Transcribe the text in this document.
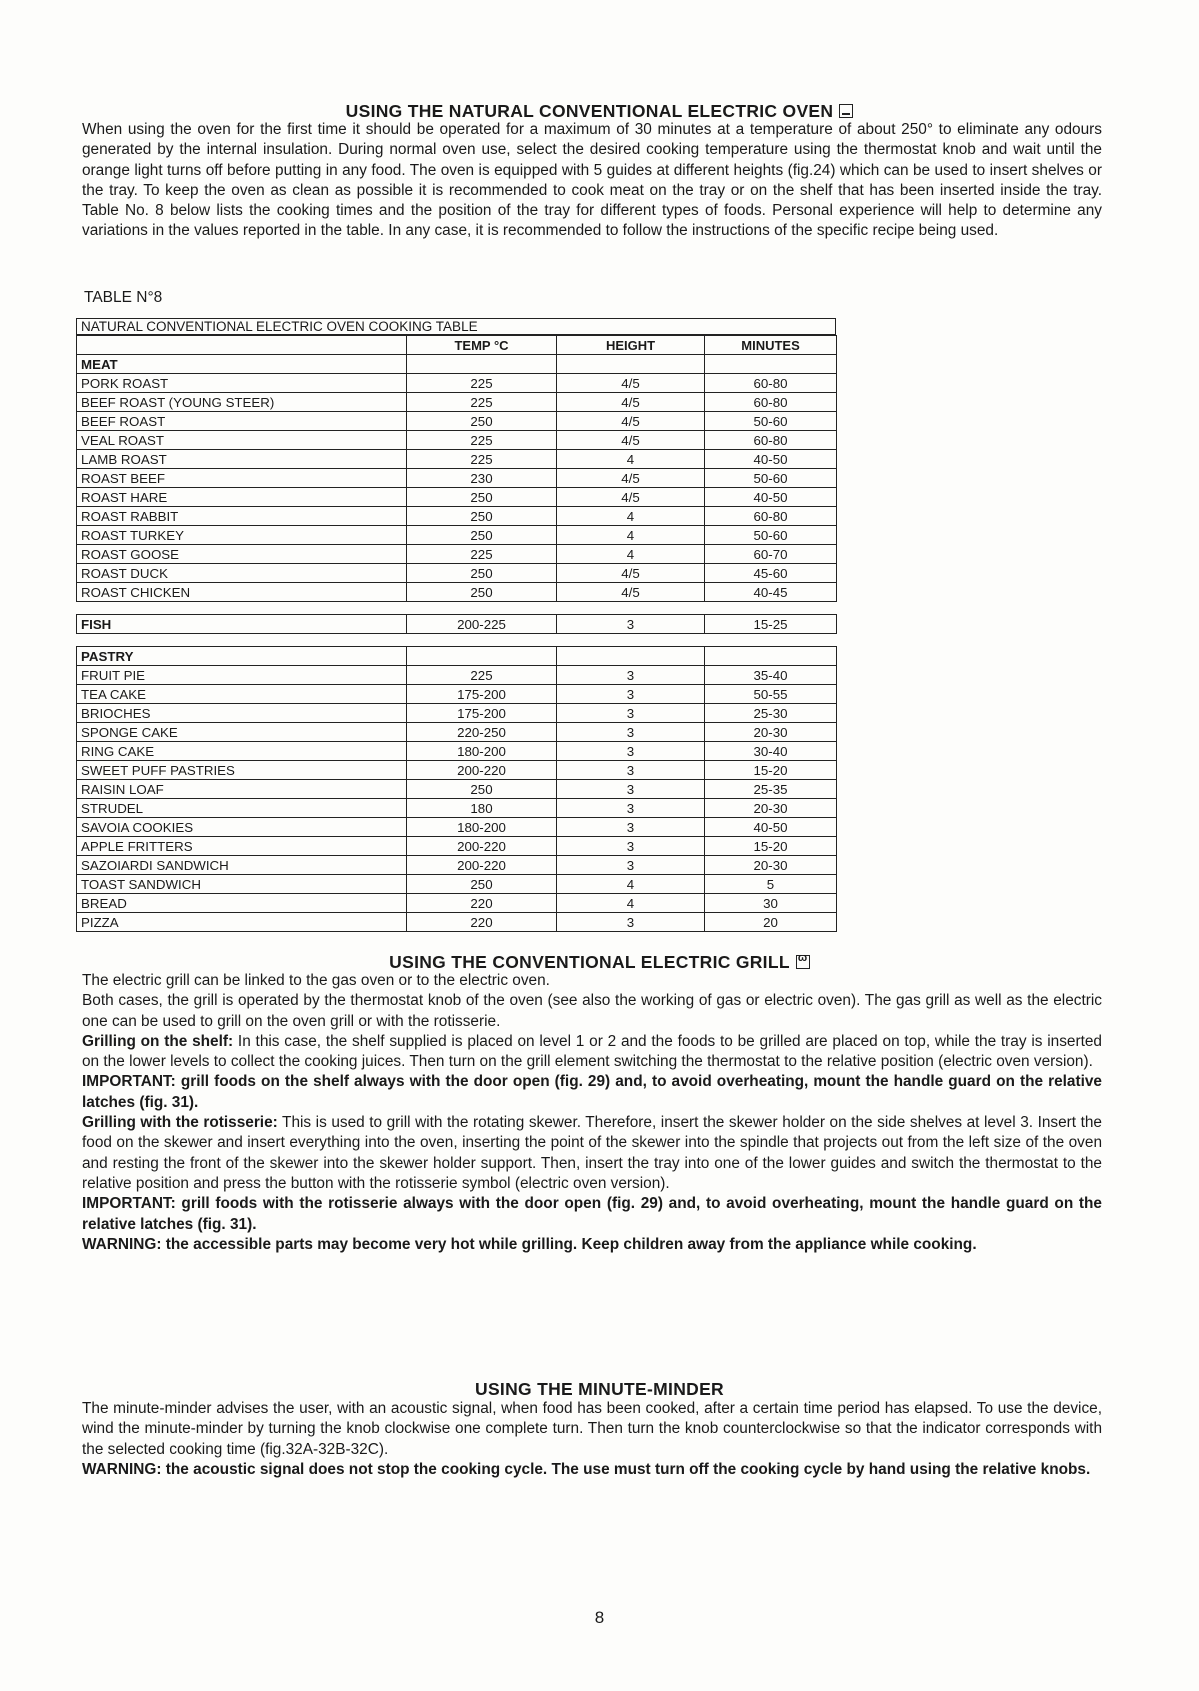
USING THE NATURAL CONVENTIONAL ELECTRIC OVEN

When using the oven for the first time it should be operated for a maximum of 30 minutes at a temperature of about 250° to eliminate any odours generated by the internal insulation. During normal oven use, select the desired cooking temperature using the thermostat knob and wait until the orange light turns off before putting in any food. The oven is equipped with 5 guides at different heights (fig.24) which can be used to insert shelves or the tray. To keep the oven as clean as possible it is recommended to cook meat on the tray or on the shelf that has been inserted inside the tray. Table No. 8 below lists the cooking times and the position of the tray for different types of foods. Personal experience will help to determine any variations in the values reported in the table. In any case, it is recommended to follow the instructions of the specific recipe being used.

TABLE N°8
NATURAL CONVENTIONAL ELECTRIC OVEN COOKING TABLE
	TEMP °C	HEIGHT	MINUTES
MEAT			
PORK ROAST	225	4/5	60-80
BEEF ROAST (YOUNG STEER)	225	4/5	60-80
BEEF ROAST	250	4/5	50-60
VEAL ROAST	225	4/5	60-80
LAMB ROAST	225	4	40-50
ROAST BEEF	230	4/5	50-60
ROAST HARE	250	4/5	40-50
ROAST RABBIT	250	4	60-80
ROAST TURKEY	250	4	50-60
ROAST GOOSE	225	4	60-70
ROAST DUCK	250	4/5	45-60
ROAST CHICKEN	250	4/5	40-45

FISH	200-225	3	15-25

PASTRY			
FRUIT PIE	225	3	35-40
TEA CAKE	175-200	3	50-55
BRIOCHES	175-200	3	25-30
SPONGE CAKE	220-250	3	20-30
RING CAKE	180-200	3	30-40
SWEET PUFF PASTRIES	200-220	3	15-20
RAISIN LOAF	250	3	25-35
STRUDEL	180	3	20-30
SAVOIA COOKIES	180-200	3	40-50
APPLE FRITTERS	200-220	3	15-20
SAZOIARDI SANDWICH	200-220	3	20-30
TOAST SANDWICH	250	4	5
BREAD	220	4	30
PIZZA	220	3	20
USING THE CONVENTIONAL ELECTRIC GRILLω

The electric grill can be linked to the gas oven or to the electric oven.

Both cases, the grill is operated by the thermostat knob of the oven (see also the working of gas or electric oven). The gas grill as well as the electric one can be used to grill on the oven grill or with the rotisserie.

Grilling on the shelf: In this case, the shelf supplied is placed on level 1 or 2 and the foods to be grilled are placed on top, while the tray is inserted on the lower levels to collect the cooking juices. Then turn on the grill element switching the thermostat to the relative position (electric oven version).

IMPORTANT: grill foods on the shelf always with the door open (fig. 29) and, to avoid overheating, mount the handle guard on the relative latches (fig. 31).

Grilling with the rotisserie: This is used to grill with the rotating skewer. Therefore, insert the skewer holder on the side shelves at level 3. Insert the food on the skewer and insert everything into the oven, inserting the point of the skewer into the spindle that projects out from the left size of the oven and resting the front of the skewer into the skewer holder support. Then, insert the tray into one of the lower guides and switch the thermostat to the relative position and press the button with the rotisserie symbol (electric oven version).

IMPORTANT: grill foods with the rotisserie always with the door open (fig. 29) and, to avoid overheating, mount the handle guard on the relative latches (fig. 31).

WARNING: the accessible parts may become very hot while grilling. Keep children away from the appliance while cooking.

USING THE MINUTE-MINDER

The minute-minder advises the user, with an acoustic signal, when food has been cooked, after a certain time period has elapsed. To use the device, wind the minute-minder by turning the knob clockwise one complete turn. Then turn the knob counterclockwise so that the indicator corresponds with the selected cooking time (fig.32A-32B-32C).

WARNING: the acoustic signal does not stop the cooking cycle. The use must turn off the cooking cycle by hand using the relative knobs.

8
